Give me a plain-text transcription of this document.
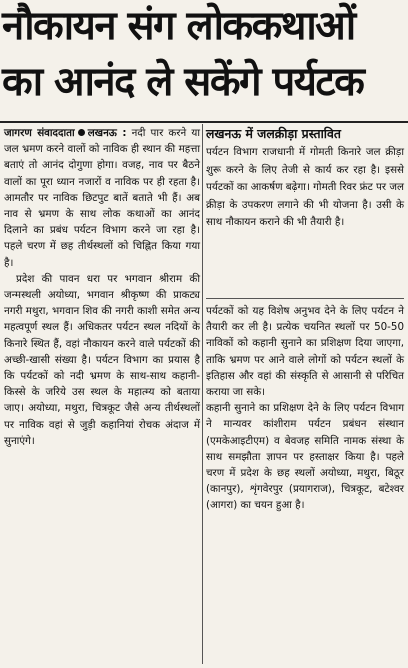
नौकायन संग लोककथाओं
का आनंद ले सकेंगे पर्यटक

जागरण संवाददाता लखनऊ : नदी पार करने या जल भ्रमण करने वालों को नाविक ही स्थान की महत्ता बताएं तो आनंद दोगुणा होगा। वजह, नाव पर बैठने वालों का पूरा ध्यान नजारों व नाविक पर ही रहता है। आमतौर पर नाविक छिटपुट बातें बताते भी हैं। अब नाव से भ्रमण के साथ लोक कथाओं का आनंद दिलाने का प्रबंध पर्यटन विभाग करने जा रहा है। पहले चरण में छह तीर्थस्थलों को चिह्नित किया गया है।

प्रदेश की पावन धरा पर भगवान श्रीराम की जन्मस्थली अयोध्या, भगवान श्रीकृष्ण की प्राकट्य नगरी मथुरा, भगवान शिव की नगरी काशी समेत अन्य महत्वपूर्ण स्थल हैं। अधिकतर पर्यटन स्थल नदियों के किनारे स्थित हैं, वहां नौकायन करने वाले पर्यटकों की अच्छी-खासी संख्या है। पर्यटन विभाग का प्रयास है कि पर्यटकों को नदी भ्रमण के साथ-साथ कहानी-किस्से के जरिये उस स्थल के महात्म्य को बताया जाए। अयोध्या, मथुरा, चित्रकूट जैसे अन्य तीर्थस्थलों पर नाविक वहां से जुड़ी कहानियां रोचक अंदाज में सुनाएंगे।

लखनऊ में जलक्रीड़ा प्रस्तावित
पर्यटन विभाग राजधानी में गोमती किनारे जल क्रीड़ा शुरू करने के लिए तेजी से कार्य कर रहा है। इससे पर्यटकों का आकर्षण बढ़ेगा। गोमती रिवर फ्रंट पर जल क्रीड़ा के उपकरण लगाने की भी योजना है। उसी के साथ नौकायन कराने की भी तैयारी है।

पर्यटकों को यह विशेष अनुभव देने के लिए पर्यटन ने तैयारी कर ली है। प्रत्येक चयनित स्थलों पर 50-50 नाविकों को कहानी सुनाने का प्रशिक्षण दिया जाएगा, ताकि भ्रमण पर आने वाले लोगों को पर्यटन स्थलों के इतिहास और वहां की संस्कृति से आसानी से परिचित कराया जा सके।

कहानी सुनाने का प्रशिक्षण देने के लिए पर्यटन विभाग ने मान्यवर कांशीराम पर्यटन प्रबंधन संस्थान (एमकेआइटीएम) व बेवजह समिति नामक संस्था के साथ समझौता ज्ञापन पर हस्ताक्षर किया है। पहले चरण में प्रदेश के छह स्थलों अयोध्या, मथुरा, बिठूर (कानपुर), शृंगवेरपुर (प्रयागराज), चित्रकूट, बटेश्वर (आगरा) का चयन हुआ है।
